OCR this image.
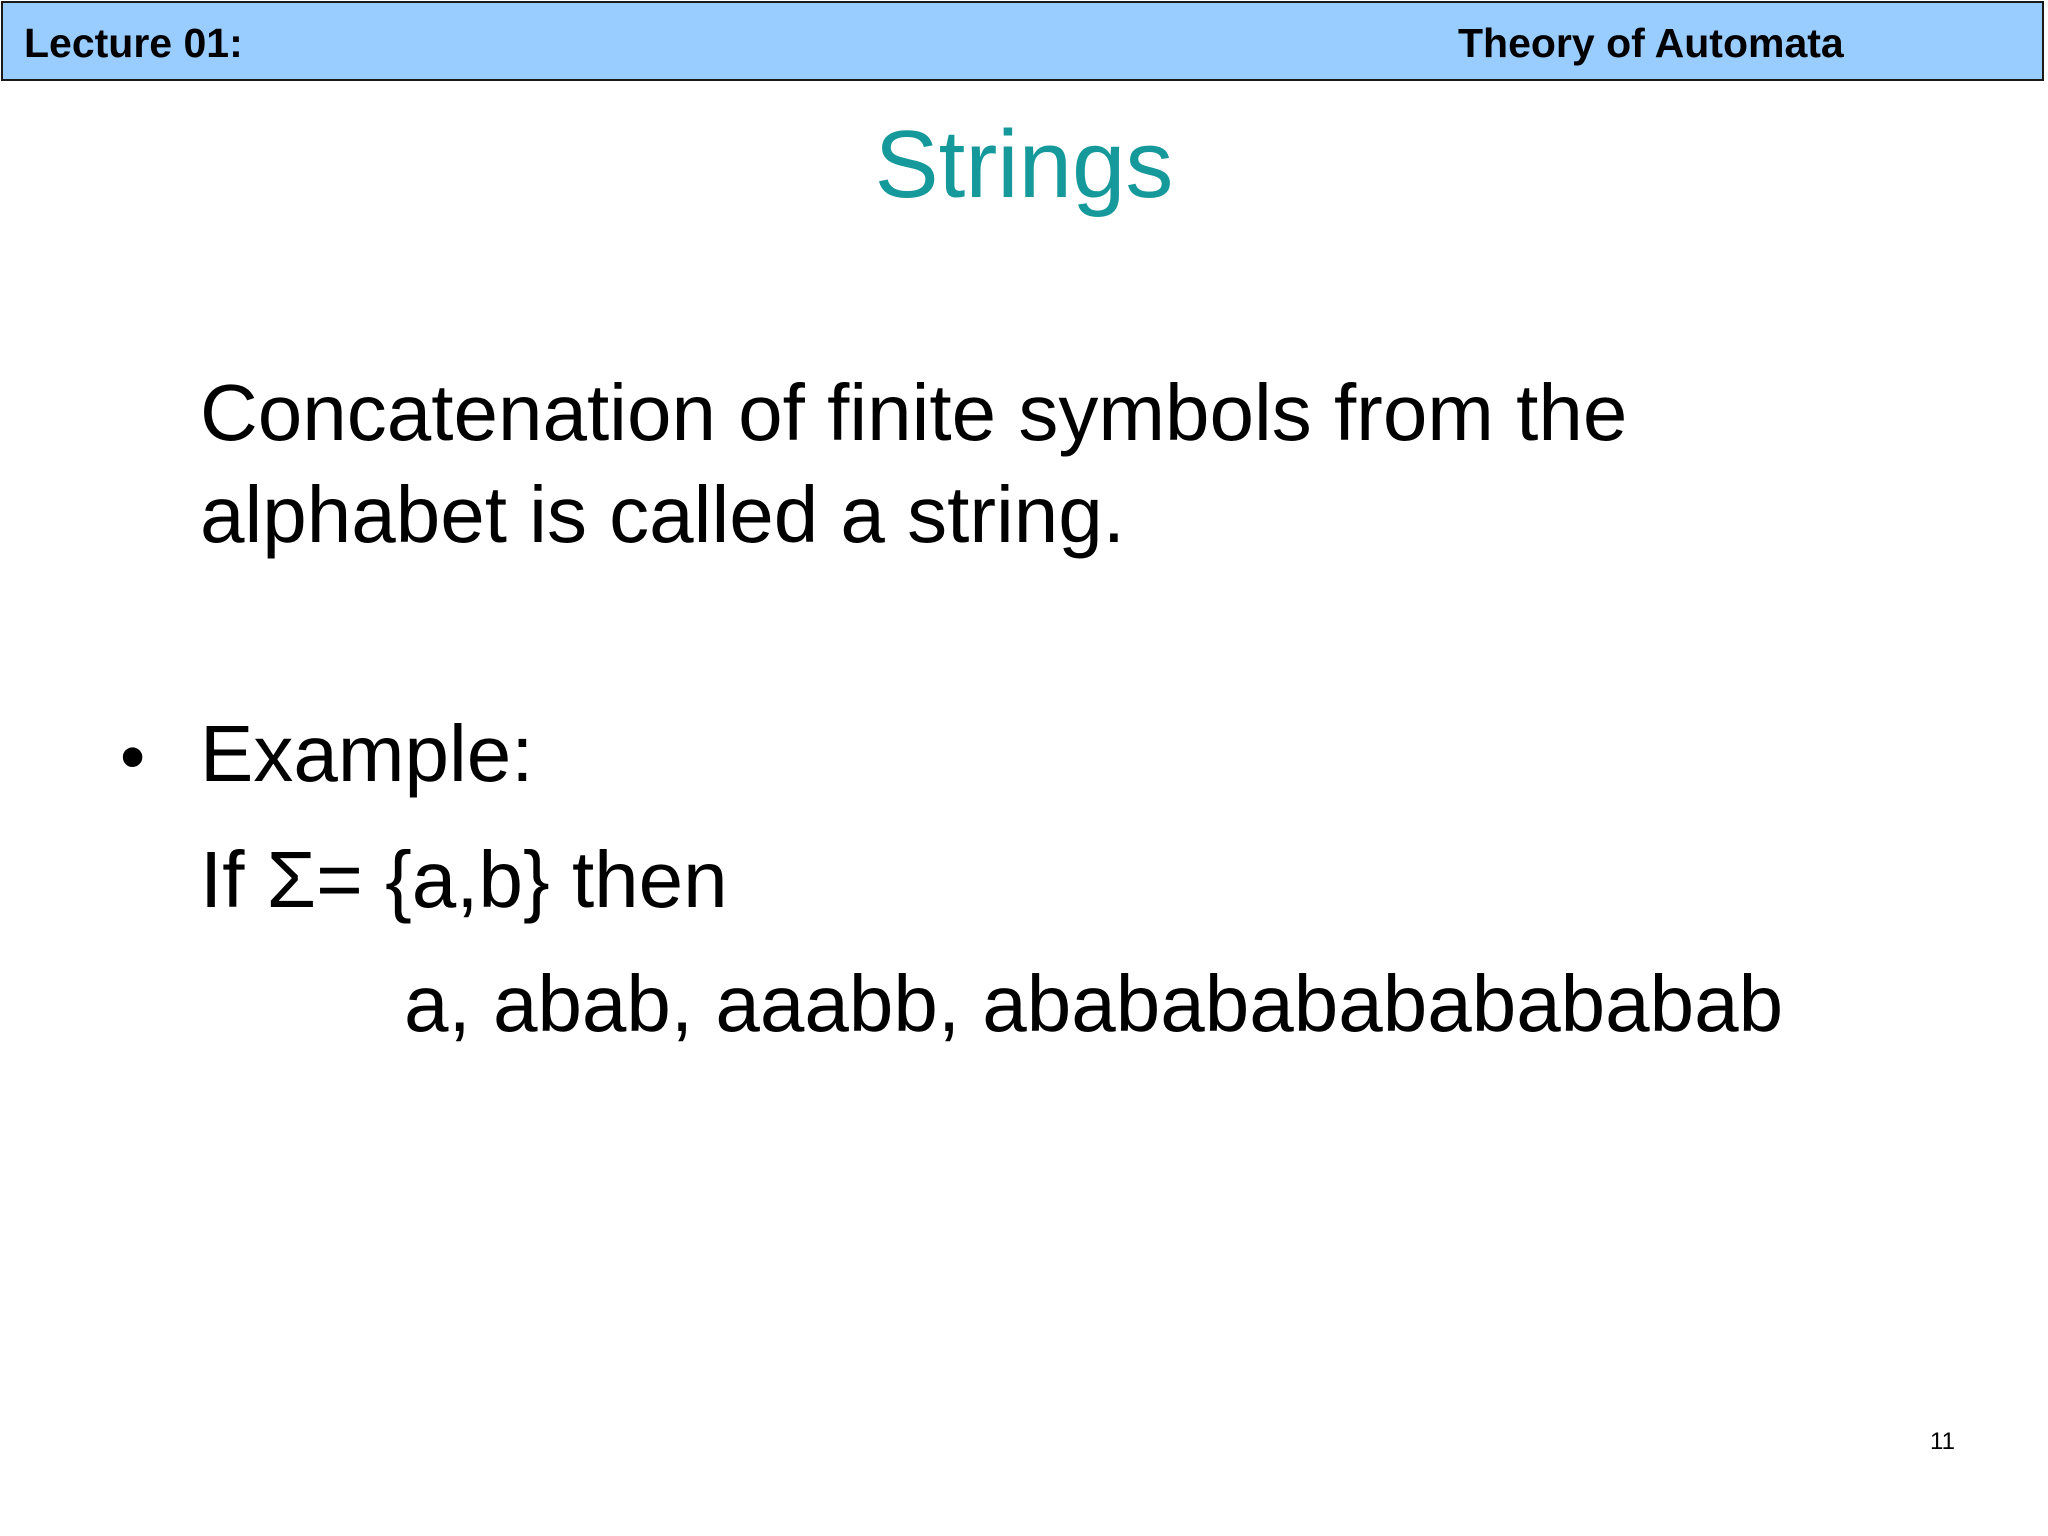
Lecture 01:	Theory of Automata
Strings
Concatenation of finite symbols from the
alphabet is called a string.
• Example:
If Σ= {a,b} then
a, abab, aaabb, ababababababababab
11
